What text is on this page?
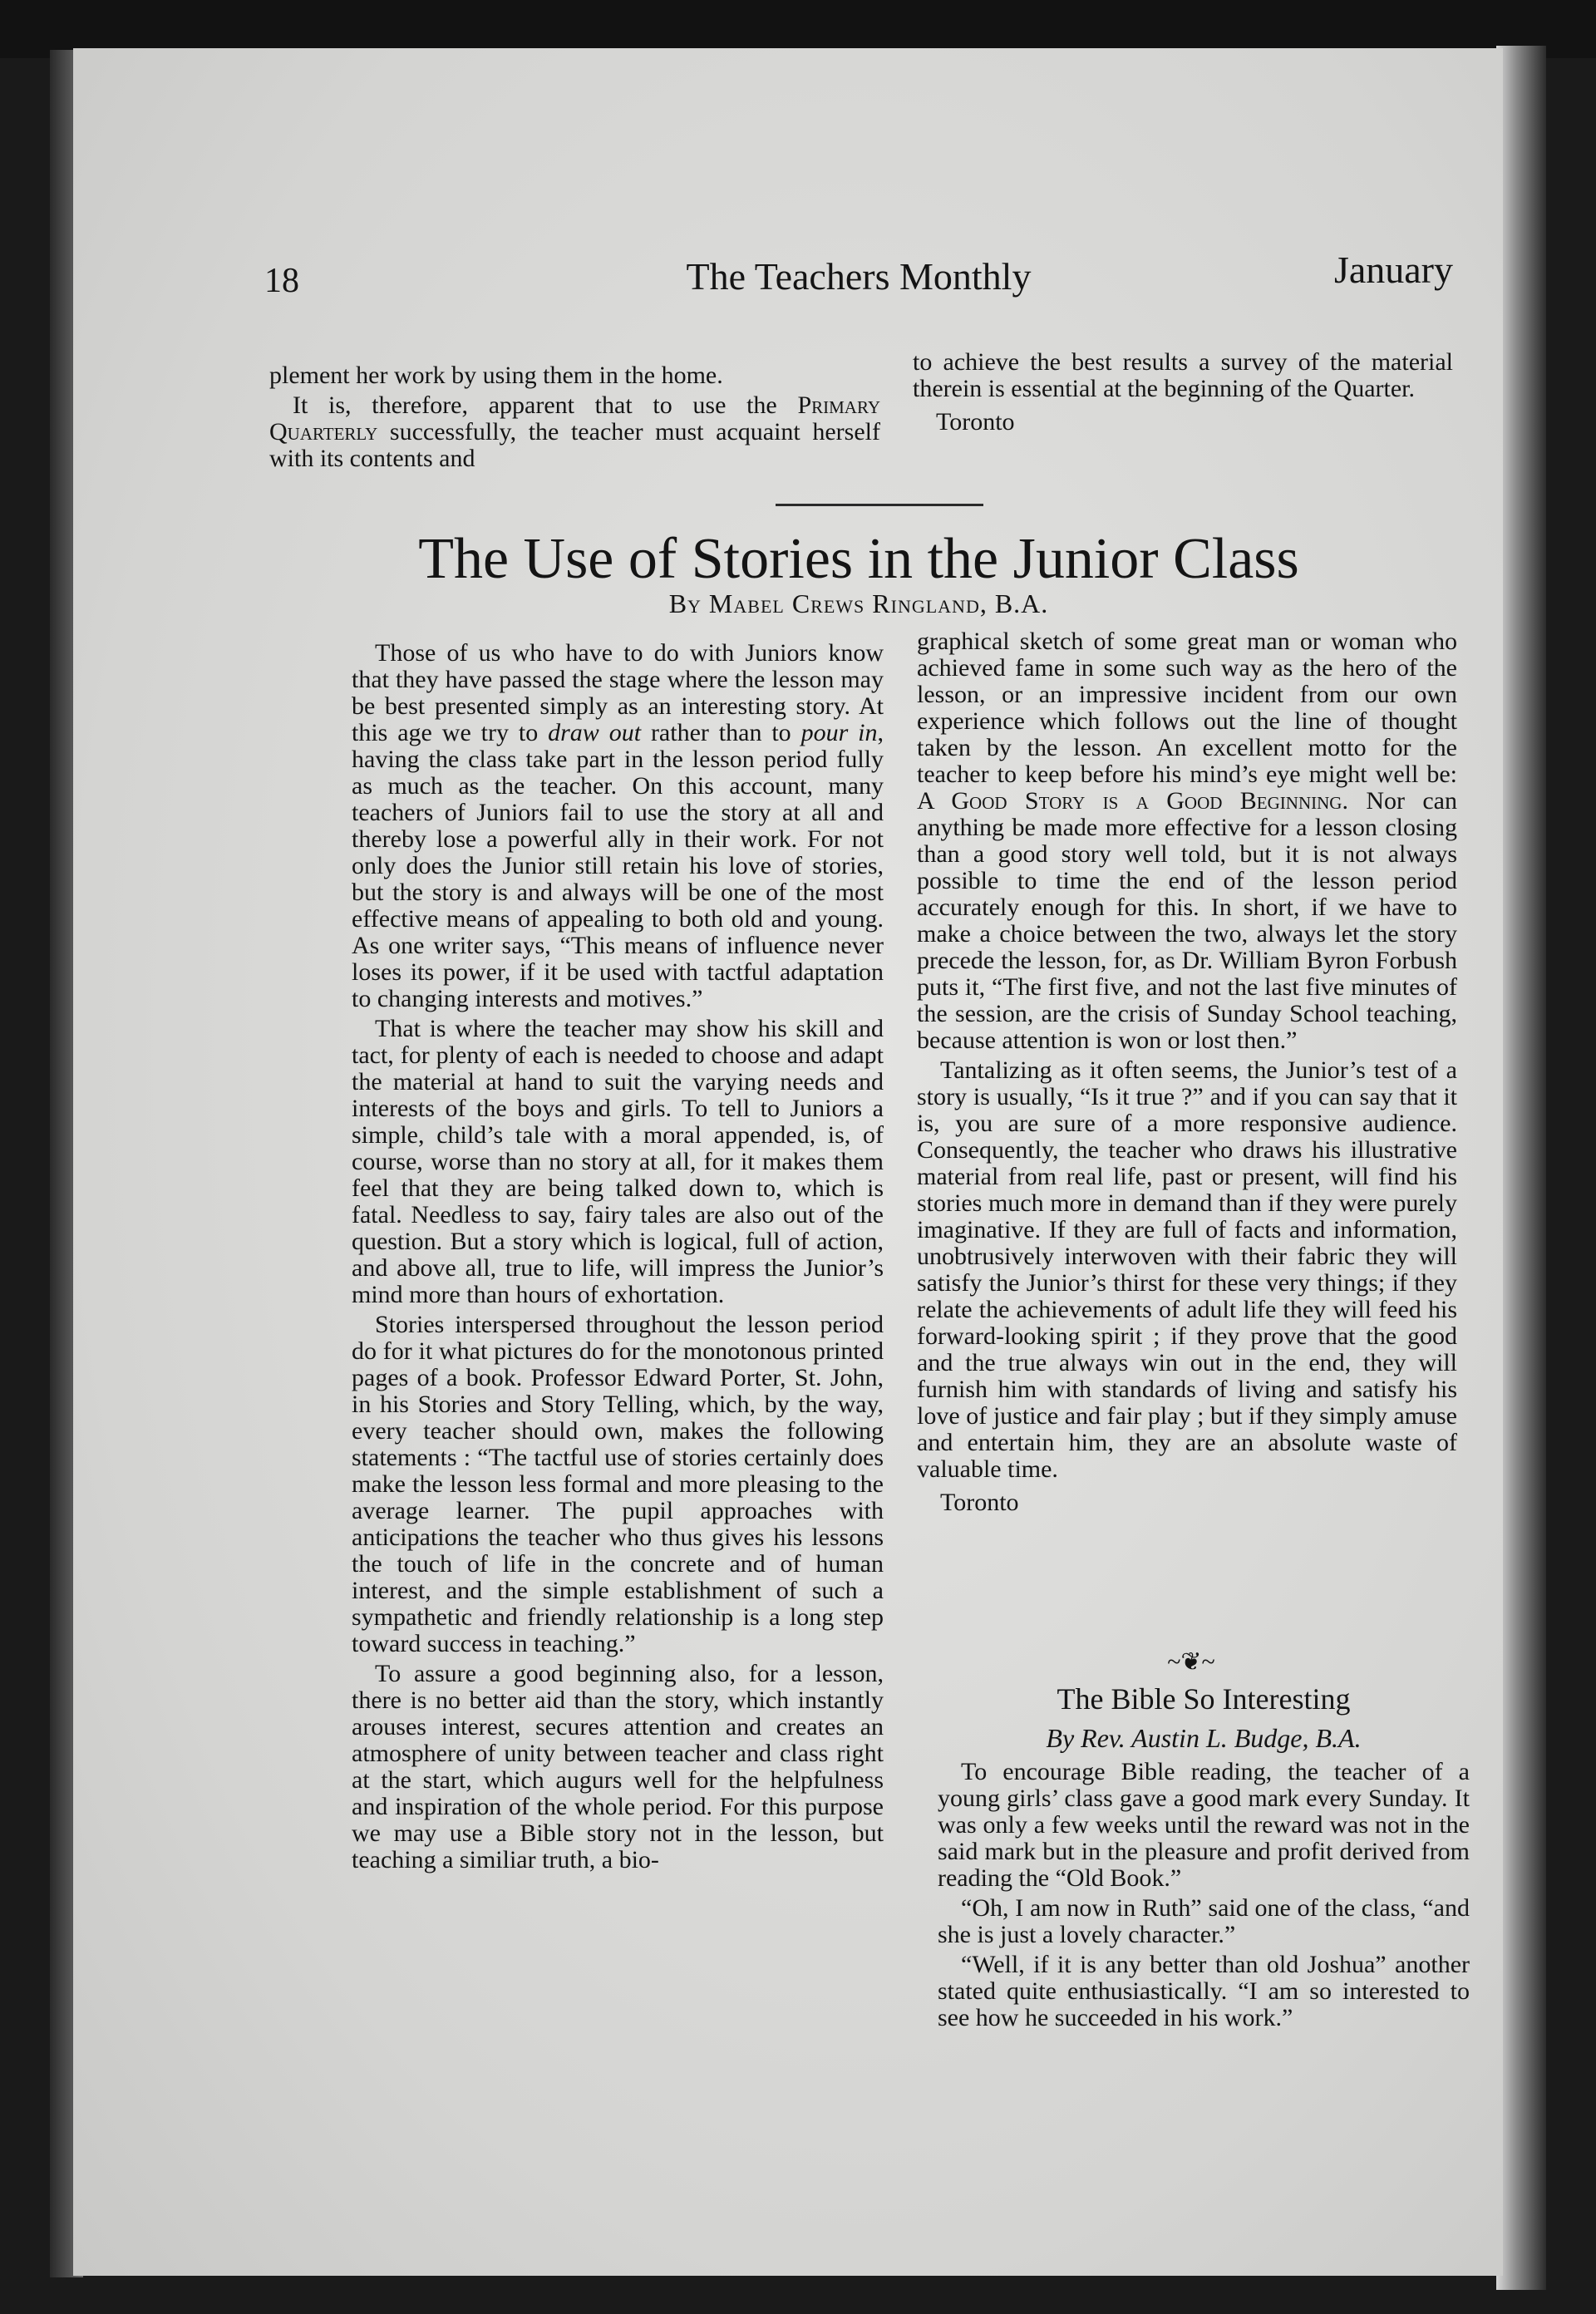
18	The Teachers Monthly	January

plement her work by using them in the home.

It is, therefore, apparent that to use the Primary Quarterly successfully, the teacher must acquaint herself with its contents and

to achieve the best results a survey of the material therein is essential at the beginning of the Quarter.

Toronto

The Use of Stories in the Junior Class
By Mabel Crews Ringland, B.A.

Those of us who have to do with Juniors know that they have passed the stage where the lesson may be best presented simply as an interesting story. At this age we try to draw out rather than to pour in, having the class take part in the lesson period fully as much as the teacher. On this account, many teachers of Juniors fail to use the story at all and thereby lose a powerful ally in their work. For not only does the Junior still retain his love of stories, but the story is and always will be one of the most effective means of appealing to both old and young. As one writer says, “This means of influence never loses its power, if it be used with tactful adaptation to changing interests and motives.”

That is where the teacher may show his skill and tact, for plenty of each is needed to choose and adapt the material at hand to suit the varying needs and interests of the boys and girls. To tell to Juniors a simple, child’s tale with a moral appended, is, of course, worse than no story at all, for it makes them feel that they are being talked down to, which is fatal. Needless to say, fairy tales are also out of the question. But a story which is logical, full of action, and above all, true to life, will impress the Junior’s mind more than hours of exhortation.

Stories interspersed throughout the lesson period do for it what pictures do for the monotonous printed pages of a book. Professor Edward Porter, St. John, in his Stories and Story Telling, which, by the way, every teacher should own, makes the following statements : “The tactful use of stories certainly does make the lesson less formal and more pleasing to the average learner. The pupil approaches with anticipations the teacher who thus gives his lessons the touch of life in the concrete and of human interest, and the simple establishment of such a sympathetic and friendly relationship is a long step toward success in teaching.”

To assure a good beginning also, for a lesson, there is no better aid than the story, which instantly arouses interest, secures attention and creates an atmosphere of unity between teacher and class right at the start, which augurs well for the helpfulness and inspiration of the whole period. For this purpose we may use a Bible story not in the lesson, but teaching a similiar truth, a bio-

graphical sketch of some great man or woman who achieved fame in some such way as the hero of the lesson, or an impressive incident from our own experience which follows out the line of thought taken by the lesson. An excellent motto for the teacher to keep before his mind’s eye might well be: A Good Story is a Good Beginning. Nor can anything be made more effective for a lesson closing than a good story well told, but it is not always possible to time the end of the lesson period accurately enough for this. In short, if we have to make a choice between the two, always let the story precede the lesson, for, as Dr. William Byron Forbush puts it, “The first five, and not the last five minutes of the session, are the crisis of Sunday School teaching, because attention is won or lost then.”

Tantalizing as it often seems, the Junior’s test of a story is usually, “Is it true ?” and if you can say that it is, you are sure of a more responsive audience. Consequently, the teacher who draws his illustrative material from real life, past or present, will find his stories much more in demand than if they were purely imaginative. If they are full of facts and information, unobtrusively interwoven with their fabric they will satisfy the Junior’s thirst for these very things; if they relate the achievements of adult life they will feed his forward-looking spirit ; if they prove that the good and the true always win out in the end, they will furnish him with standards of living and satisfy his love of justice and fair play ; but if they simply amuse and entertain him, they are an absolute waste of valuable time.

Toronto

~❦~
The Bible So Interesting
By Rev. Austin L. Budge, B.A.

To encourage Bible reading, the teacher of a young girls’ class gave a good mark every Sunday. It was only a few weeks until the reward was not in the said mark but in the pleasure and profit derived from reading the “Old Book.”

“Oh, I am now in Ruth” said one of the class, “and she is just a lovely character.”

“Well, if it is any better than old Joshua” another stated quite enthusiastically. “I am so interested to see how he succeeded in his work.”
